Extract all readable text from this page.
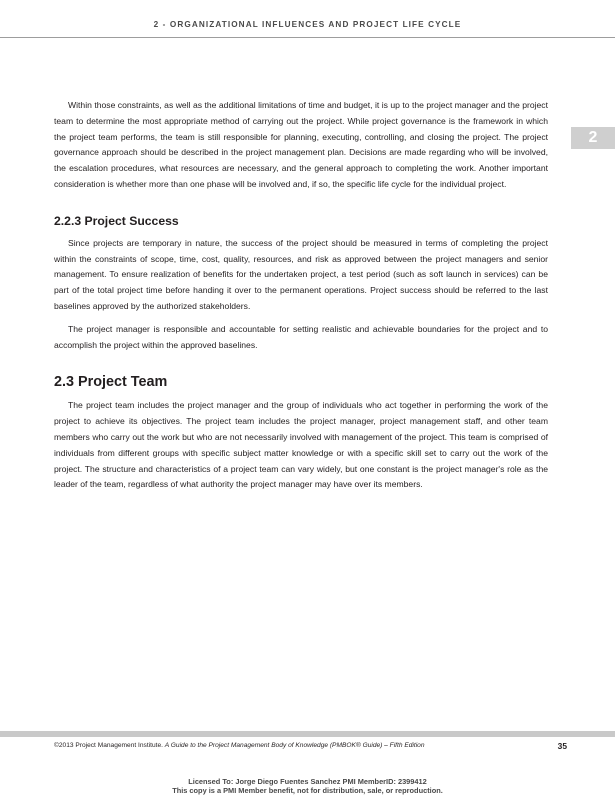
2 - ORGANIZATIONAL INFLUENCES AND PROJECT LIFE CYCLE
2

Within those constraints, as well as the additional limitations of time and budget, it is up to the project manager and the project team to determine the most appropriate method of carrying out the project. While project governance is the framework in which the project team performs, the team is still responsible for planning, executing, controlling, and closing the project. The project governance approach should be described in the project management plan. Decisions are made regarding who will be involved, the escalation procedures, what resources are necessary, and the general approach to completing the work. Another important consideration is whether more than one phase will be involved and, if so, the specific life cycle for the individual project.

2.2.3 Project Success

Since projects are temporary in nature, the success of the project should be measured in terms of completing the project within the constraints of scope, time, cost, quality, resources, and risk as approved between the project managers and senior management. To ensure realization of benefits for the undertaken project, a test period (such as soft launch in services) can be part of the total project time before handing it over to the permanent operations. Project success should be referred to the last baselines approved by the authorized stakeholders.

The project manager is responsible and accountable for setting realistic and achievable boundaries for the project and to accomplish the project within the approved baselines.

2.3 Project Team

The project team includes the project manager and the group of individuals who act together in performing the work of the project to achieve its objectives. The project team includes the project manager, project management staff, and other team members who carry out the work but who are not necessarily involved with management of the project. This team is comprised of individuals from different groups with specific subject matter knowledge or with a specific skill set to carry out the work of the project. The structure and characteristics of a project team can vary widely, but one constant is the project manager's role as the leader of the team, regardless of what authority the project manager may have over its members.

©2013 Project Management Institute. A Guide to the Project Management Body of Knowledge (PMBOK® Guide) – Fifth Edition	35
Licensed To: Jorge Diego Fuentes Sanchez PMI MemberID: 2399412
This copy is a PMI Member benefit, not for distribution, sale, or reproduction.
